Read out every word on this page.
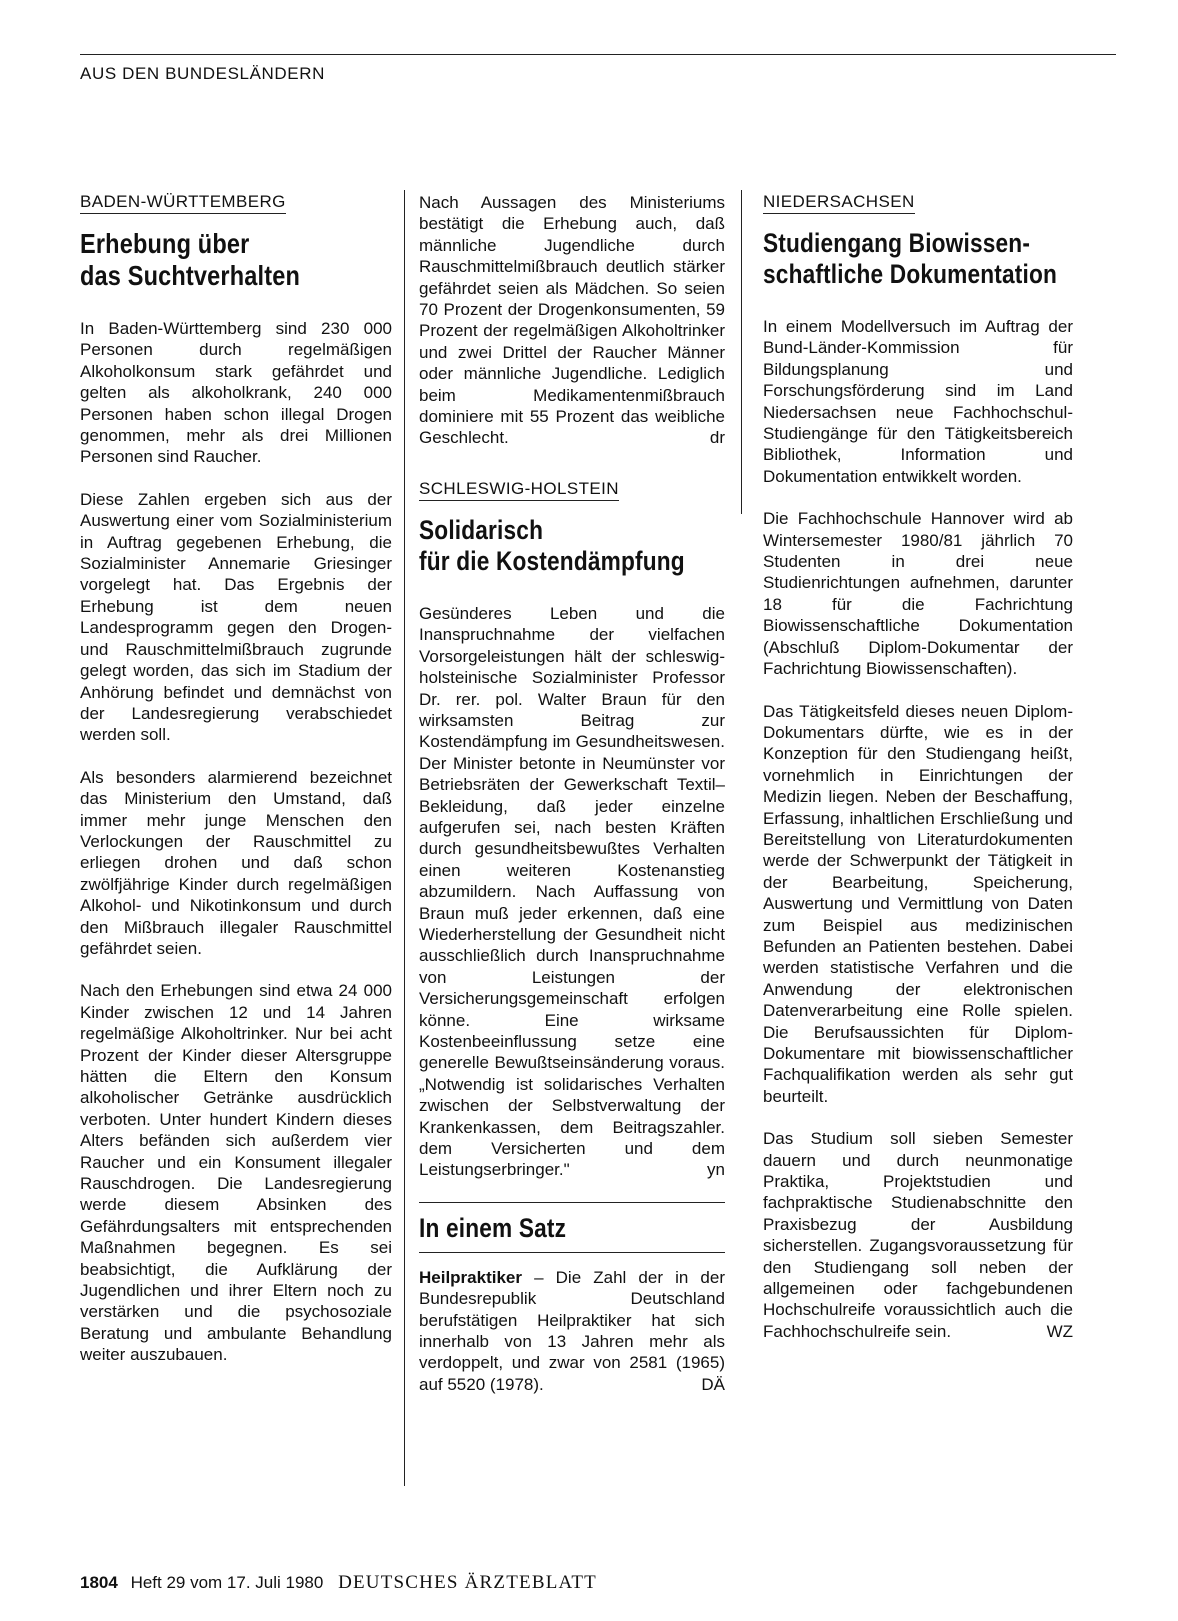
AUS DEN BUNDESLÄNDERN
BADEN-WÜRTTEMBERG
Erhebung über
das Suchtverhalten

In Baden-Württemberg sind 230 000 Personen durch regelmäßigen Alkoholkonsum stark gefährdet und gelten als alkoholkrank, 240 000 Personen haben schon illegal Drogen genommen, mehr als drei Millionen Personen sind Raucher.

Diese Zahlen ergeben sich aus der Auswertung einer vom Sozialministerium in Auftrag gegebenen Erhebung, die Sozialminister Annemarie Griesinger vorgelegt hat. Das Ergebnis der Erhebung ist dem neuen Landesprogramm gegen den Drogen- und Rauschmittelmißbrauch zugrunde gelegt worden, das sich im Stadium der Anhörung befindet und demnächst von der Landesregierung verabschiedet werden soll.

Als besonders alarmierend bezeichnet das Ministerium den Umstand, daß immer mehr junge Menschen den Verlockungen der Rauschmittel zu erliegen drohen und daß schon zwölfjährige Kinder durch regelmäßigen Alkohol- und Nikotinkonsum und durch den Mißbrauch illegaler Rauschmittel gefährdet seien.

Nach den Erhebungen sind etwa 24 000 Kinder zwischen 12 und 14 Jahren regelmäßige Alkoholtrinker. Nur bei acht Prozent der Kinder dieser Altersgruppe hätten die Eltern den Konsum alkoholischer Getränke ausdrücklich verboten. Unter hundert Kindern dieses Alters befänden sich außerdem vier Raucher und ein Konsument illegaler Rauschdrogen. Die Landesregierung werde diesem Absinken des Gefährdungsalters mit entsprechenden Maßnahmen begegnen. Es sei beabsichtigt, die Aufklärung der Jugendlichen und ihrer Eltern noch zu verstärken und die psychosoziale Beratung und ambulante Behandlung weiter auszubauen.

Nach Aussagen des Ministeriums bestätigt die Erhebung auch, daß männliche Jugendliche durch Rauschmittelmißbrauch deutlich stärker gefährdet seien als Mädchen. So seien 70 Prozent der Drogenkonsumenten, 59 Prozent der regelmäßigen Alkoholtrinker und zwei Drittel der Raucher Männer oder männliche Jugendliche. Lediglich beim Medikamentenmißbrauch dominiere mit 55 Prozent das weibliche Geschlecht.	dr

SCHLESWIG-HOLSTEIN
Solidarisch
für die Kostendämpfung

Gesünderes Leben und die Inanspruchnahme der vielfachen Vorsorgeleistungen hält der schleswig-holsteinische Sozialminister Professor Dr. rer. pol. Walter Braun für den wirksamsten Beitrag zur Kostendämpfung im Gesundheitswesen. Der Minister betonte in Neumünster vor Betriebsräten der Gewerkschaft Textil–Bekleidung, daß jeder einzelne aufgerufen sei, nach besten Kräften durch gesundheitsbewußtes Verhalten einen weiteren Kostenanstieg abzumildern. Nach Auffassung von Braun muß jeder erkennen, daß eine Wiederherstellung der Gesundheit nicht ausschließlich durch Inanspruchnahme von Leistungen der Versicherungsgemeinschaft erfolgen könne. Eine wirksame Kostenbeeinflussung setze eine generelle Bewußtseinsänderung voraus. „Notwendig ist solidarisches Verhalten zwischen der Selbstverwaltung der Krankenkassen, dem Beitragszahler. dem Versicherten und dem Leistungserbringer."	yn

In einem Satz

Heilpraktiker – Die Zahl der in der Bundesrepublik Deutschland berufstätigen Heilpraktiker hat sich innerhalb von 13 Jahren mehr als verdoppelt, und zwar von 2581 (1965) auf 5520 (1978).	DÄ

NIEDERSACHSEN
Studiengang Biowissen-
schaftliche Dokumentation

In einem Modellversuch im Auftrag der Bund-Länder-Kommission für Bildungsplanung und Forschungsförderung sind im Land Niedersachsen neue Fachhochschul-Studiengänge für den Tätigkeitsbereich Bibliothek, Information und Dokumentation entwikkelt worden.

Die Fachhochschule Hannover wird ab Wintersemester 1980/81 jährlich 70 Studenten in drei neue Studienrichtungen aufnehmen, darunter 18 für die Fachrichtung Biowissenschaftliche Dokumentation (Abschluß Diplom-Dokumentar der Fachrichtung Biowissenschaften).

Das Tätigkeitsfeld dieses neuen Diplom-Dokumentars dürfte, wie es in der Konzeption für den Studiengang heißt, vornehmlich in Einrichtungen der Medizin liegen. Neben der Beschaffung, Erfassung, inhaltlichen Erschließung und Bereitstellung von Literaturdokumenten werde der Schwerpunkt der Tätigkeit in der Bearbeitung, Speicherung, Auswertung und Vermittlung von Daten zum Beispiel aus medizinischen Befunden an Patienten bestehen. Dabei werden statistische Verfahren und die Anwendung der elektronischen Datenverarbeitung eine Rolle spielen. Die Berufsaussichten für Diplom-Dokumentare mit biowissenschaftlicher Fachqualifikation werden als sehr gut beurteilt.

Das Studium soll sieben Semester dauern und durch neunmonatige Praktika, Projektstudien und fachpraktische Studienabschnitte den Praxisbezug der Ausbildung sicherstellen. Zugangsvoraussetzung für den Studiengang soll neben der allgemeinen oder fachgebundenen Hochschulreife voraussichtlich auch die Fachhochschulreife sein.	WZ

1804 Heft 29 vom 17. Juli 1980 DEUTSCHES ÄRZTEBLATT
